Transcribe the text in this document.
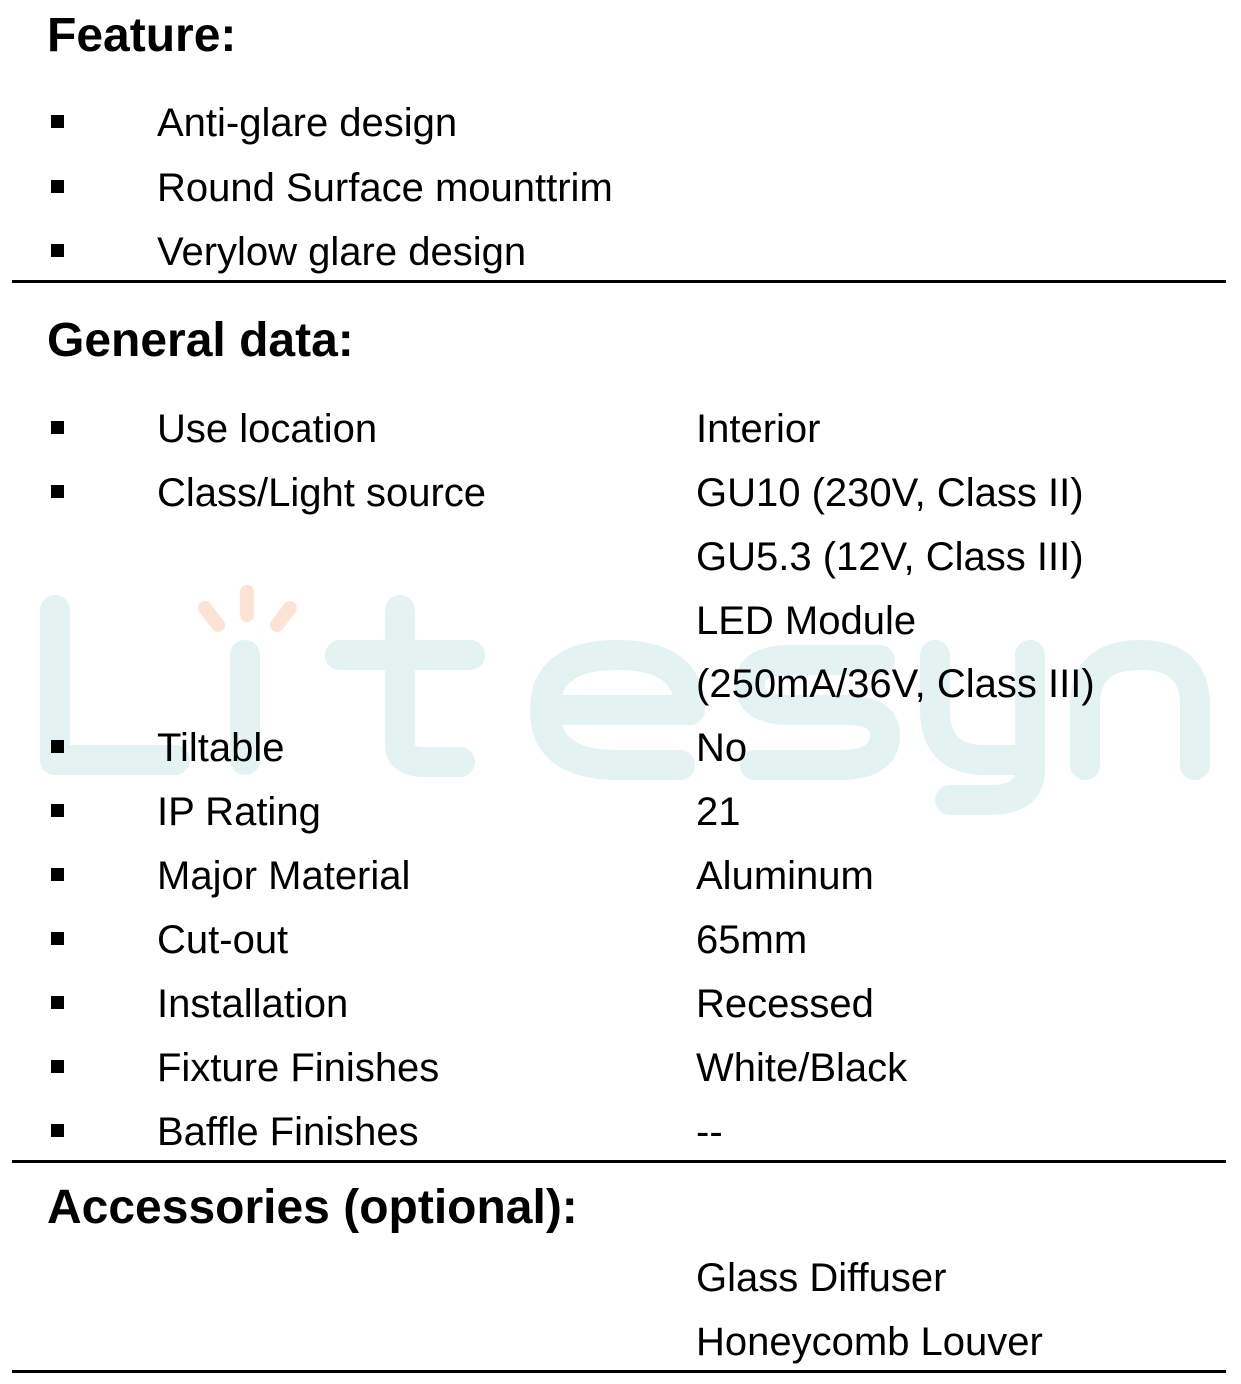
Feature:
Anti-glare design
Round Surface mounttrim
Verylow glare design
General data:
Use location	Interior
Class/Light source	GU10 (230V, Class II)
GU5.3 (12V, Class III)
LED Module
(250mA/36V, Class III)
Tiltable	No
IP Rating	21
Major Material	Aluminum
Cut-out	65mm
Installation	Recessed
Fixture Finishes	White/Black
Baffle Finishes	--
Accessories (optional):
Glass Diffuser
Honeycomb Louver
